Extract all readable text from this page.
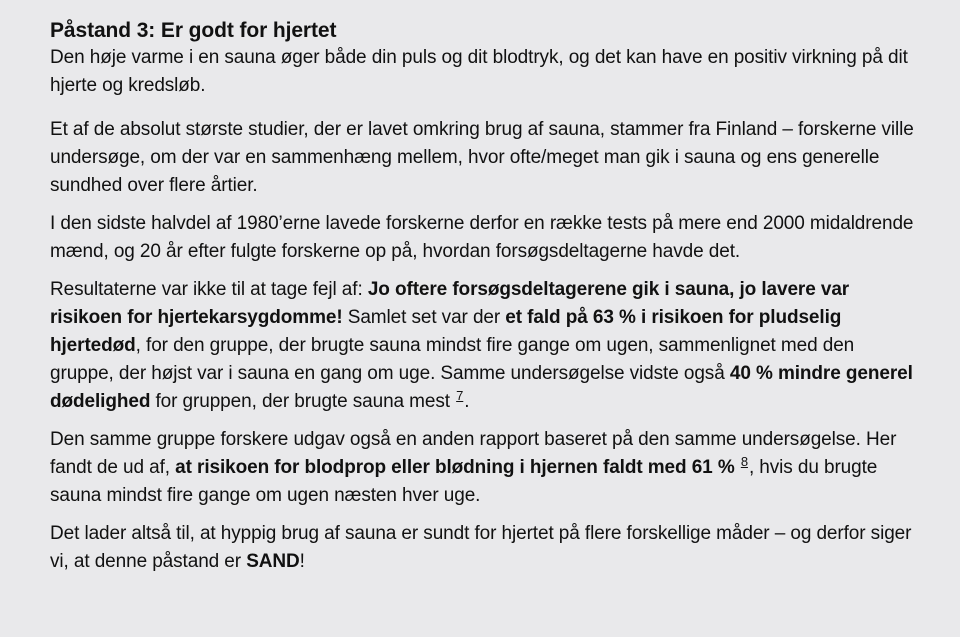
Påstand 3: Er godt for hjertet

Den høje varme i en sauna øger både din puls og dit blodtryk, og det kan have en positiv virkning på dit hjerte og kredsløb.

Et af de absolut største studier, der er lavet omkring brug af sauna, stammer fra Finland – forskerne ville undersøge, om der var en sammenhæng mellem, hvor ofte/meget man gik i sauna og ens generelle sundhed over flere årtier.

I den sidste halvdel af 1980’erne lavede forskerne derfor en række tests på mere end 2000 midaldrende mænd, og 20 år efter fulgte forskerne op på, hvordan forsøgsdeltagerne havde det.

Resultaterne var ikke til at tage fejl af: Jo oftere forsøgsdeltagerene gik i sauna, jo lavere var risikoen for hjertekarsygdomme! Samlet set var der et fald på 63 % i risikoen for pludselig hjertedød, for den gruppe, der brugte sauna mindst fire gange om ugen, sammenlignet med den gruppe, der højst var i sauna en gang om uge. Samme undersøgelse vidste også 40 % mindre generel dødelighed for gruppen, der brugte sauna mest $^7$.

Den samme gruppe forskere udgav også en anden rapport baseret på den samme undersøgelse. Her fandt de ud af, at risikoen for blodprop eller blødning i hjernen faldt med 61 % $^8$, hvis du brugte sauna mindst fire gange om ugen næsten hver uge.

Det lader altså til, at hyppig brug af sauna er sundt for hjertet på flere forskellige måder – og derfor siger vi, at denne påstand er SAND!
